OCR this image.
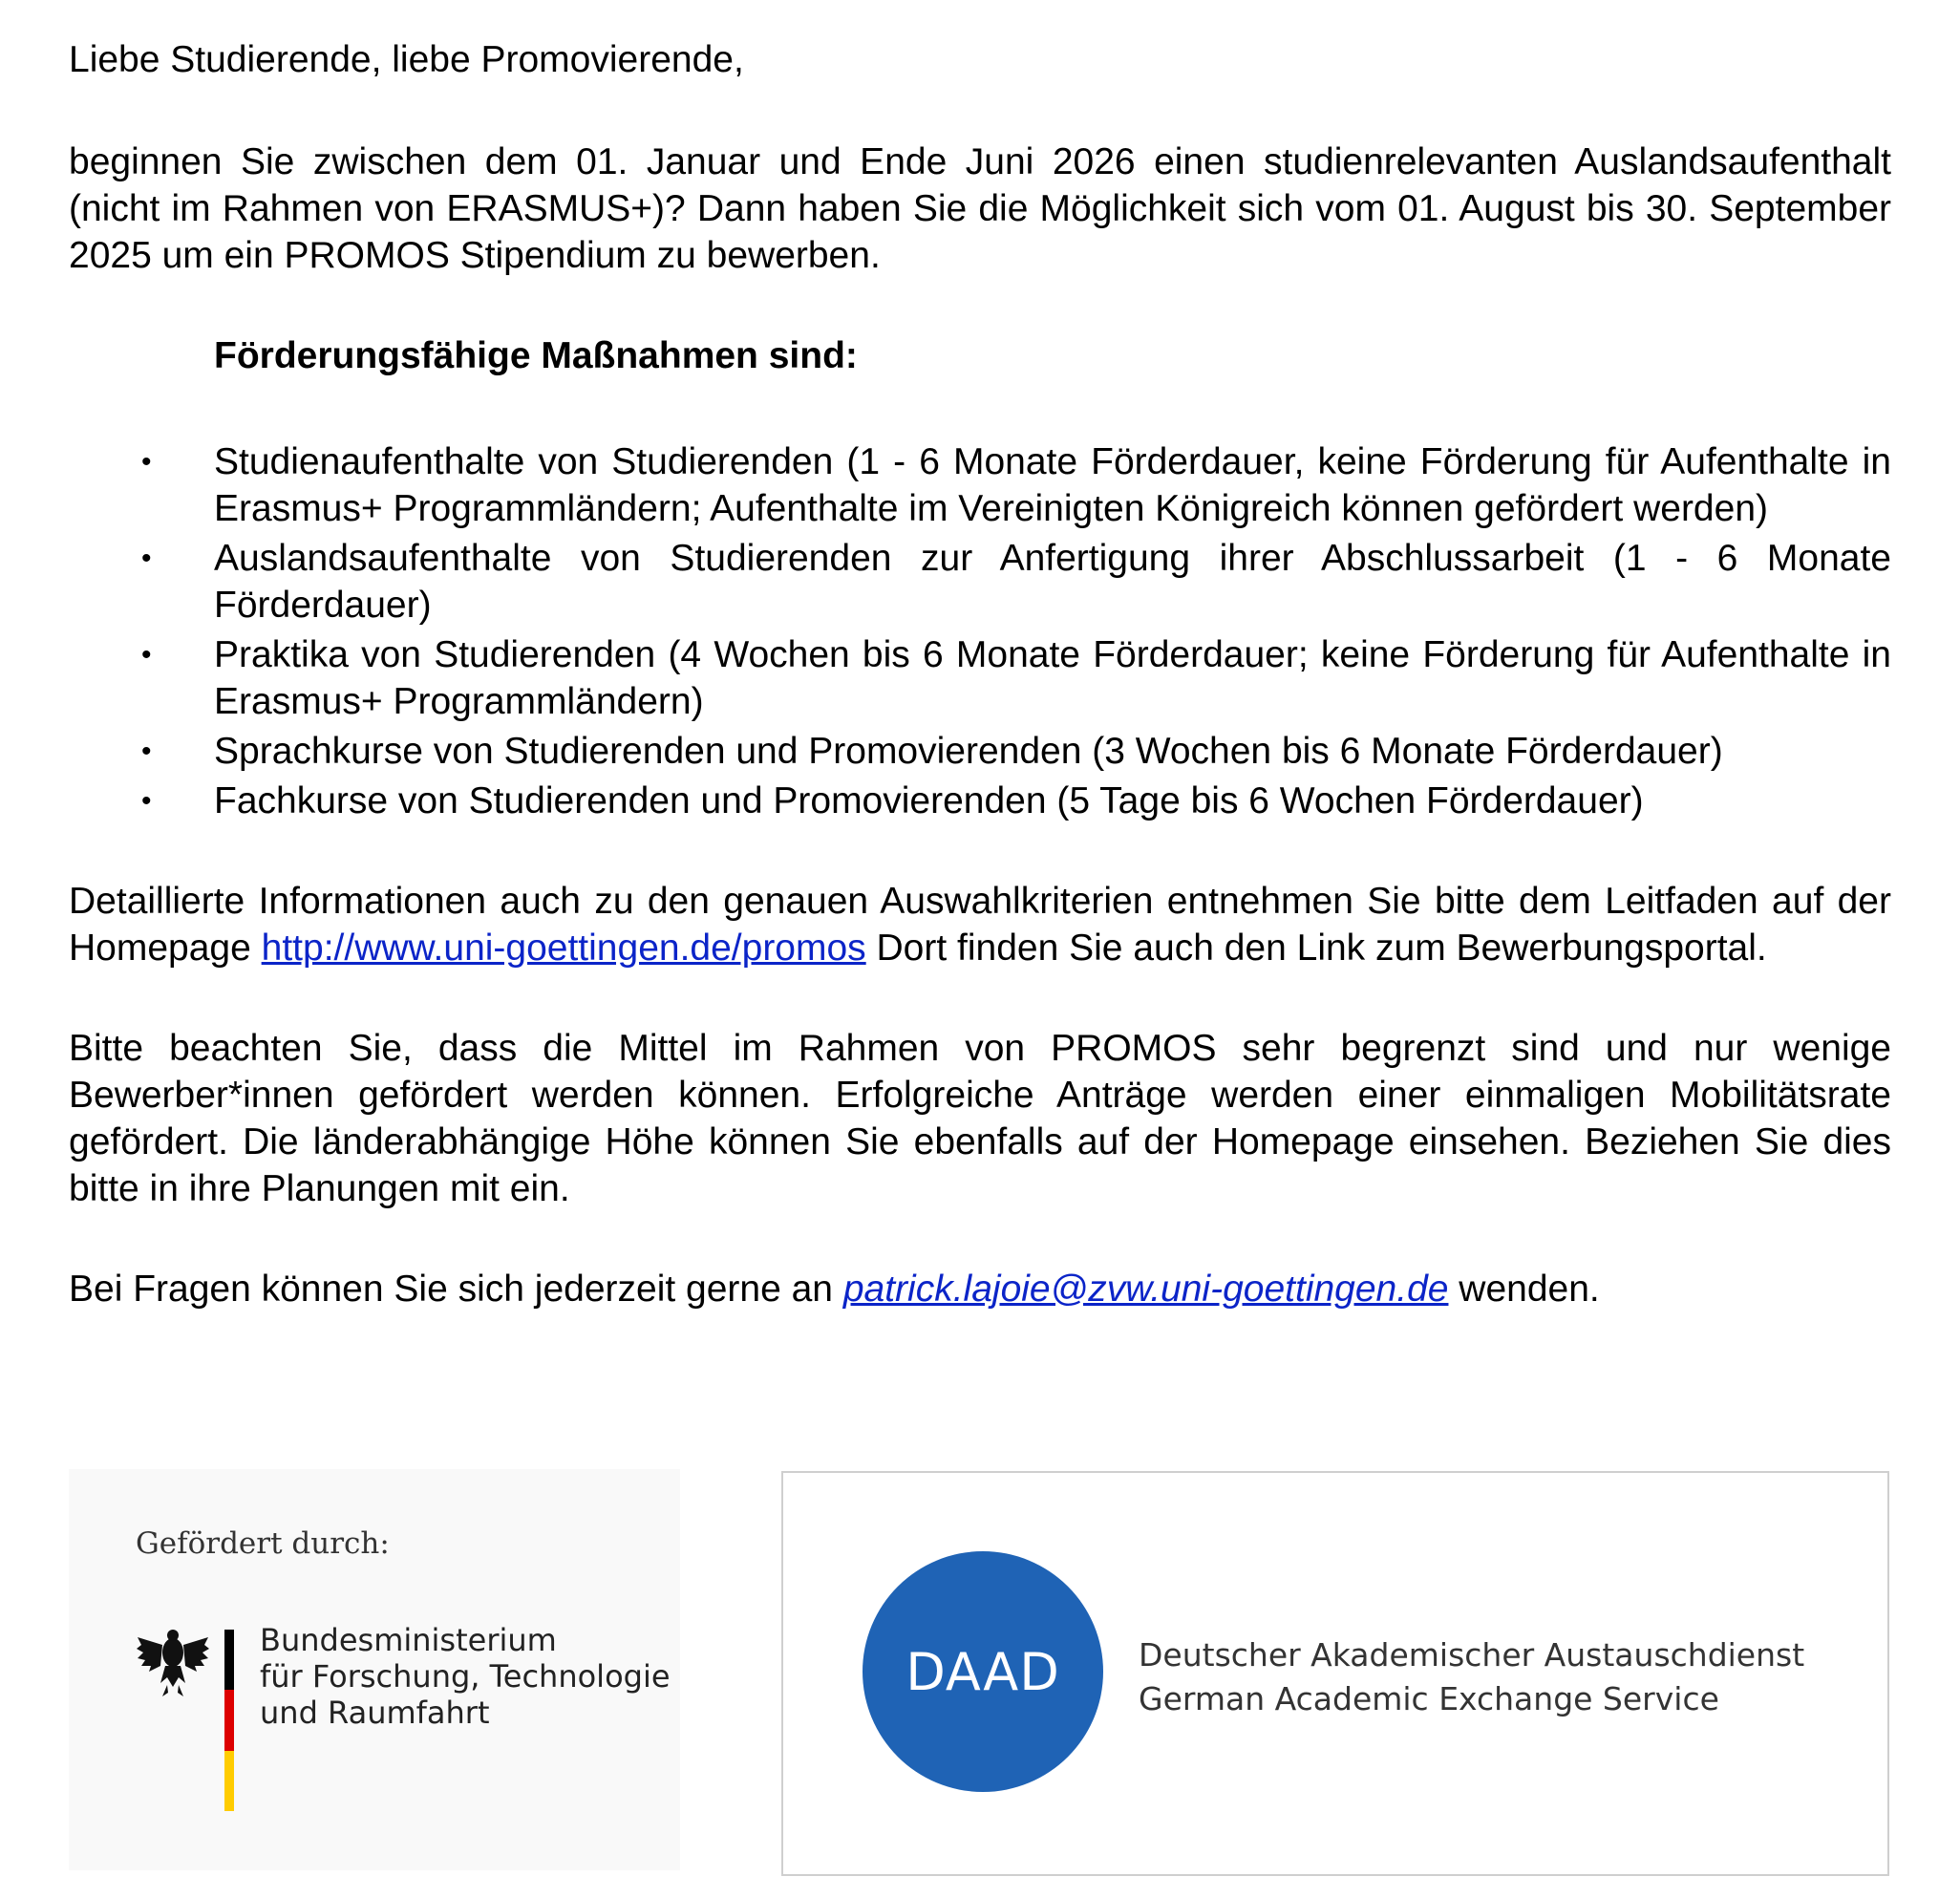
Liebe Studierende, liebe Promovierende,

beginnen Sie zwischen dem 01. Januar und Ende Juni 2026 einen studienrelevanten Auslandsaufenthalt (nicht im Rahmen von ERASMUS+)? Dann haben Sie die Möglichkeit sich vom 01. August bis 30. September 2025 um ein PROMOS Stipendium zu bewerben.

Förderungsfähige Maßnahmen sind:

• Studienaufenthalte von Studierenden (1 - 6 Monate Förderdauer, keine Förderung für Aufenthalte in Erasmus+ Programmländern; Aufenthalte im Vereinigten Königreich können gefördert werden)
• Auslandsaufenthalte von Studierenden zur Anfertigung ihrer Abschlussarbeit (1 - 6 Monate Förderdauer)
• Praktika von Studierenden (4 Wochen bis 6 Monate Förderdauer; keine Förderung für Aufenthalte in Erasmus+ Programmländern)
• Sprachkurse von Studierenden und Promovierenden (3 Wochen bis 6 Monate Förderdauer)
• Fachkurse von Studierenden und Promovierenden (5 Tage bis 6 Wochen Förderdauer)

Detaillierte Informationen auch zu den genauen Auswahlkriterien entnehmen Sie bitte dem Leitfaden auf der Homepage http://www.uni-goettingen.de/promos Dort finden Sie auch den Link zum Bewerbungsportal.

Bitte beachten Sie, dass die Mittel im Rahmen von PROMOS sehr begrenzt sind und nur wenige Bewerber*innen gefördert werden können. Erfolgreiche Anträge werden einer einmaligen Mobilitätsrate gefördert. Die länderabhängige Höhe können Sie ebenfalls auf der Homepage einsehen. Beziehen Sie dies bitte in ihre Planungen mit ein.

Bei Fragen können Sie sich jederzeit gerne an patrick.lajoie@zvw.uni-goettingen.de wenden.

Gefördert durch:
Bundesministerium
für Forschung, Technologie
und Raumfahrt
DAAD	Deutscher Akademischer Austauschdienst
German Academic Exchange Service
